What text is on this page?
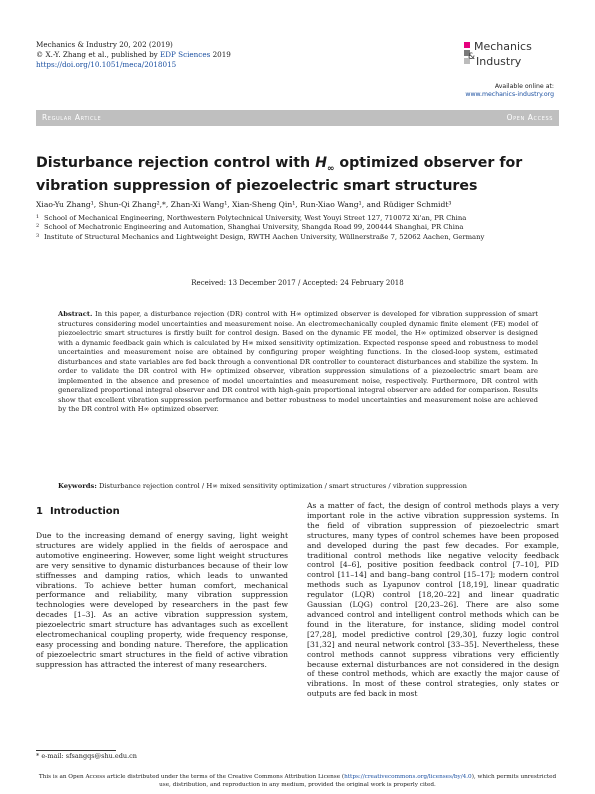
Mechanics & Industry 20, 202 (2019)
© X.-Y. Zhang et al., published by EDP Sciences 2019
https://doi.org/10.1051/meca/2018015
Mechanics
& Industry
Available online at:
www.mechanics-industry.org
Regular Article	Open Access
Disturbance rejection control with $H_\infty$ optimized observer for vibration suppression of piezoelectric smart structures
Xiao-Yu Zhang¹, Shun-Qi Zhang²,*, Zhan-Xi Wang¹, Xian-Sheng Qin¹, Run-Xiao Wang¹, and Rüdiger Schmidt³
1 School of Mechanical Engineering, Northwestern Polytechnical University, West Youyi Street 127, 710072 Xi'an, PR China
2 School of Mechatronic Engineering and Automation, Shanghai University, Shangda Road 99, 200444 Shanghai, PR China
3 Institute of Structural Mechanics and Lightweight Design, RWTH Aachen University, Wüllnerstraße 7, 52062 Aachen, Germany
Received: 13 December 2017 / Accepted: 24 February 2018
Abstract. In this paper, a disturbance rejection (DR) control with H∞ optimized observer is developed for vibration suppression of smart structures considering model uncertainties and measurement noise. An electromechanically coupled dynamic finite element (FE) model of piezoelectric smart structures is firstly built for control design. Based on the dynamic FE model, the H∞ optimized observer is designed with a dynamic feedback gain which is calculated by H∞ mixed sensitivity optimization. Expected response speed and robustness to model uncertainties and measurement noise are obtained by configuring proper weighting functions. In the closed-loop system, estimated disturbances and state variables are fed back through a conventional DR controller to counteract disturbances and stabilize the system. In order to validate the DR control with H∞ optimized observer, vibration suppression simulations of a piezoelectric smart beam are implemented in the absence and presence of model uncertainties and measurement noise, respectively. Furthermore, DR control with generalized proportional integral observer and DR control with high-gain proportional integral observer are added for comparison. Results show that excellent vibration suppression performance and better robustness to model uncertainties and measurement noise are achieved by the DR control with H∞ optimized observer.
Keywords: Disturbance rejection control / H∞ mixed sensitivity optimization / smart structures / vibration suppression
1 Introduction
Due to the increasing demand of energy saving, light weight structures are widely applied in the fields of aerospace and automotive engineering. However, some light weight structures are very sensitive to dynamic disturbances because of their low stiffnesses and damping ratios, which leads to unwanted vibrations. To achieve better human comfort, mechanical performance and reliability, many vibration suppression technologies were developed by researchers in the past few decades [1–3]. As an active vibration suppression system, piezoelectric smart structure has advantages such as excellent electromechanical coupling property, wide frequency response, easy processing and bonding nature. Therefore, the application of piezoelectric smart structures in the field of active vibration suppression has attracted the interest of many researchers.
As a matter of fact, the design of control methods plays a very important role in the active vibration suppression systems. In the field of vibration suppression of piezoelectric smart structures, many types of control schemes have been proposed and developed during the past few decades. For example, traditional control methods like negative velocity feedback control [4–6], positive position feedback control [7–10], PID control [11–14] and bang–bang control [15–17]; modern control methods such as Lyapunov control [18,19], linear quadratic regulator (LQR) control [18,20–22] and linear quadratic Gaussian (LQG) control [20,23–26]. There are also some advanced control and intelligent control methods which can be found in the literature, for instance, sliding model control [27,28], model predictive control [29,30], fuzzy logic control [31,32] and neural network control [33–35]. Nevertheless, these control methods cannot suppress vibrations very efficiently because external disturbances are not considered in the design of these control methods, which are exactly the major cause of vibrations. In most of these control strategies, only states or outputs are fed back in most
* e-mail: sfsangqs@shu.edu.cn
This is an Open Access article distributed under the terms of the Creative Commons Attribution License (https://creativecommons.org/licenses/by/4.0), which permits unrestricted use, distribution, and reproduction in any medium, provided the original work is properly cited.
